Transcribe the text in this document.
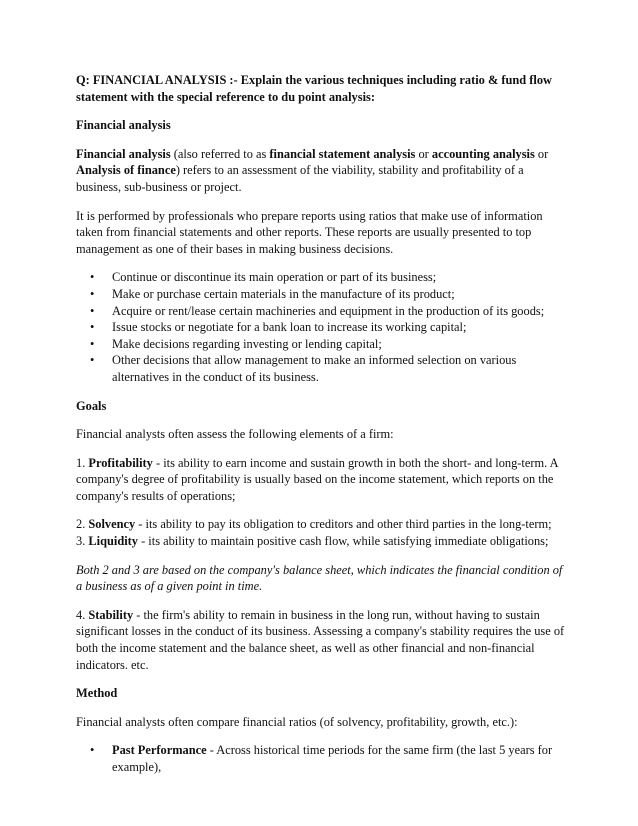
Q: FINANCIAL ANALYSIS :- Explain the various techniques including ratio & fund flow statement with the special reference to du point analysis:

Financial analysis

Financial analysis (also referred to as financial statement analysis or accounting analysis or Analysis of finance) refers to an assessment of the viability, stability and profitability of a business, sub-business or project.

It is performed by professionals who prepare reports using ratios that make use of information taken from financial statements and other reports. These reports are usually presented to top management as one of their bases in making business decisions.

• Continue or discontinue its main operation or part of its business;
• Make or purchase certain materials in the manufacture of its product;
• Acquire or rent/lease certain machineries and equipment in the production of its goods;
• Issue stocks or negotiate for a bank loan to increase its working capital;
• Make decisions regarding investing or lending capital;
• Other decisions that allow management to make an informed selection on various alternatives in the conduct of its business.

Goals

Financial analysts often assess the following elements of a firm:

1. Profitability - its ability to earn income and sustain growth in both the short- and long-term. A company's degree of profitability is usually based on the income statement, which reports on the company's results of operations;

2. Solvency - its ability to pay its obligation to creditors and other third parties in the long-term;

3. Liquidity - its ability to maintain positive cash flow, while satisfying immediate obligations;

Both 2 and 3 are based on the company's balance sheet, which indicates the financial condition of a business as of a given point in time.

4. Stability - the firm's ability to remain in business in the long run, without having to sustain significant losses in the conduct of its business. Assessing a company's stability requires the use of both the income statement and the balance sheet, as well as other financial and non-financial indicators. etc.

Method

Financial analysts often compare financial ratios (of solvency, profitability, growth, etc.):

• Past Performance - Across historical time periods for the same firm (the last 5 years for example),
